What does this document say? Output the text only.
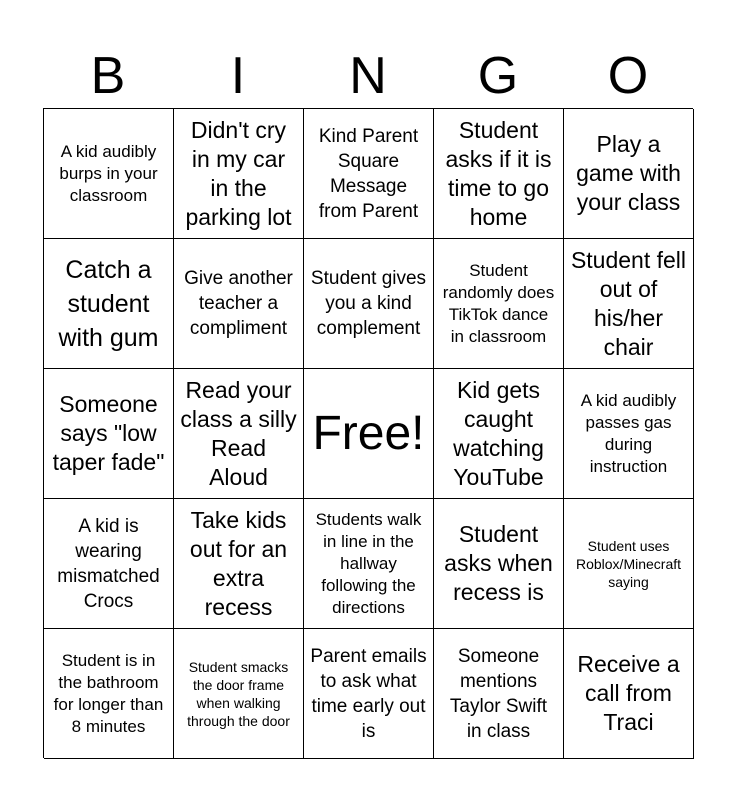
B	I	N	G	O
A kid audibly burps in your classroom
Didn't cry in my car in the parking lot
Kind Parent Square Message from Parent
Student asks if it is time to go home
Play a game with your class
Catch a student with gum
Give another teacher a compliment
Student gives you a kind complement
Student randomly does TikTok dance in classroom
Student fell out of his/her chair
Someone says "low taper fade"
Read your class a silly Read Aloud
Free!
Kid gets caught watching YouTube
A kid audibly passes gas during instruction
A kid is wearing mismatched Crocs
Take kids out for an extra recess
Students walk in line in the hallway following the directions
Student asks when recess is
Student uses Roblox/Minecraft saying
Student is in the bathroom for longer than 8 minutes
Student smacks the door frame when walking through the door
Parent emails to ask what time early out is
Someone mentions Taylor Swift in class
Receive a call from Traci
